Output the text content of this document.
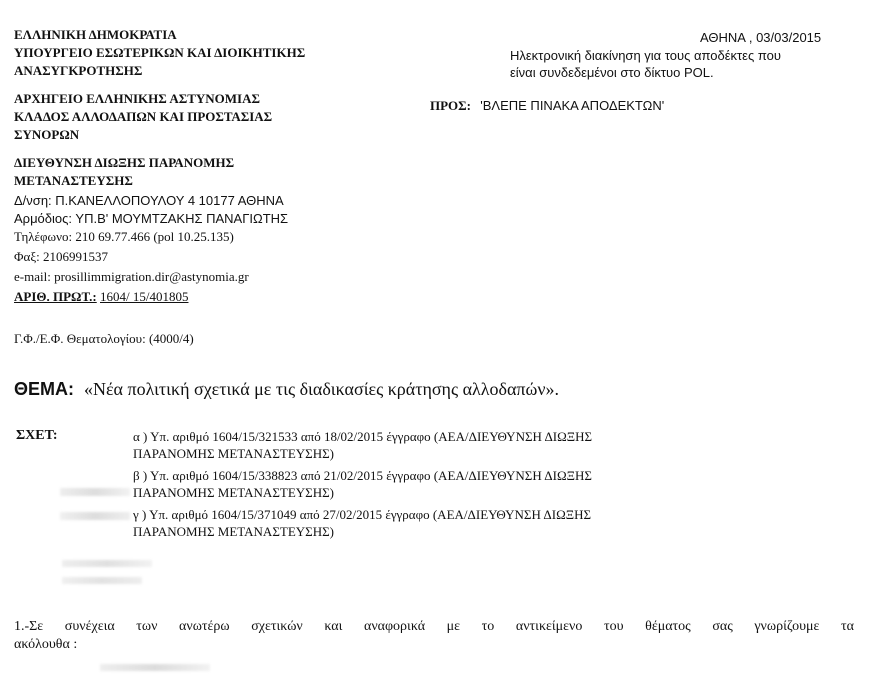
ΕΛΛΗΝΙΚΗ ΔΗΜΟΚΡΑΤΙΑ
ΥΠΟΥΡΓΕΙΟ ΕΣΩΤΕΡΙΚΩΝ ΚΑΙ ΔΙΟΙΚΗΤΙΚΗΣ
ΑΝΑΣΥΓΚΡΟΤΗΣΗΣ
ΑΡΧΗΓΕΙΟ ΕΛΛΗΝΙΚΗΣ ΑΣΤΥΝΟΜΙΑΣ
ΚΛΑΔΟΣ ΑΛΛΟΔΑΠΩΝ ΚΑΙ ΠΡΟΣΤΑΣΙΑΣ
ΣΥΝΟΡΩΝ
ΔΙΕΥΘΥΝΣΗ ΔΙΩΞΗΣ ΠΑΡΑΝΟΜΗΣ
ΜΕΤΑΝΑΣΤΕΥΣΗΣ
Δ/νση: Π.ΚΑΝΕΛΛΟΠΟΥΛΟΥ 4 10177 ΑΘΗΝΑ
Αρμόδιος: ΥΠ.Β' ΜΟΥΜΤΖΑΚΗΣ ΠΑΝΑΓΙΩΤΗΣ
Τηλέφωνο: 210 69.77.466 (pol 10.25.135)
Φαξ: 2106991537
e-mail: prosillimmigration.dir@astynomia.gr
ΑΡΙΘ. ΠΡΩΤ.: 1604/ 15/401805
ΑΘΗΝΑ , 03/03/2015
Ηλεκτρονική διακίνηση για τους αποδέκτες που
είναι συνδεδεμένοι στο δίκτυο POL.
ΠΡΟΣ: 'ΒΛΕΠΕ ΠΙΝΑΚΑ ΑΠΟΔΕΚΤΩΝ'
Γ.Φ./Ε.Φ. Θεματολογίου: (4000/4)
ΘΕΜΑ: «Νέα πολιτική σχετικά με τις διαδικασίες κράτησης αλλοδαπών».
ΣΧΕΤ:	α ) Υπ. αριθμό 1604/15/321533 από 18/02/2015 έγγραφο (ΑΕΑ/ΔΙΕΥΘΥΝΣΗ ΔΙΩΞΗΣ
ΠΑΡΑΝΟΜΗΣ ΜΕΤΑΝΑΣΤΕΥΣΗΣ)
β ) Υπ. αριθμό 1604/15/338823 από 21/02/2015 έγγραφο (ΑΕΑ/ΔΙΕΥΘΥΝΣΗ ΔΙΩΞΗΣ
ΠΑΡΑΝΟΜΗΣ ΜΕΤΑΝΑΣΤΕΥΣΗΣ)
γ ) Υπ. αριθμό 1604/15/371049 από 27/02/2015 έγγραφο (ΑΕΑ/ΔΙΕΥΘΥΝΣΗ ΔΙΩΞΗΣ
ΠΑΡΑΝΟΜΗΣ ΜΕΤΑΝΑΣΤΕΥΣΗΣ)
1.-Σε συνέχεια των ανωτέρω σχετικών και αναφορικά με το αντικείμενο του θέματος σας γνωρίζουμε τα
ακόλουθα :
